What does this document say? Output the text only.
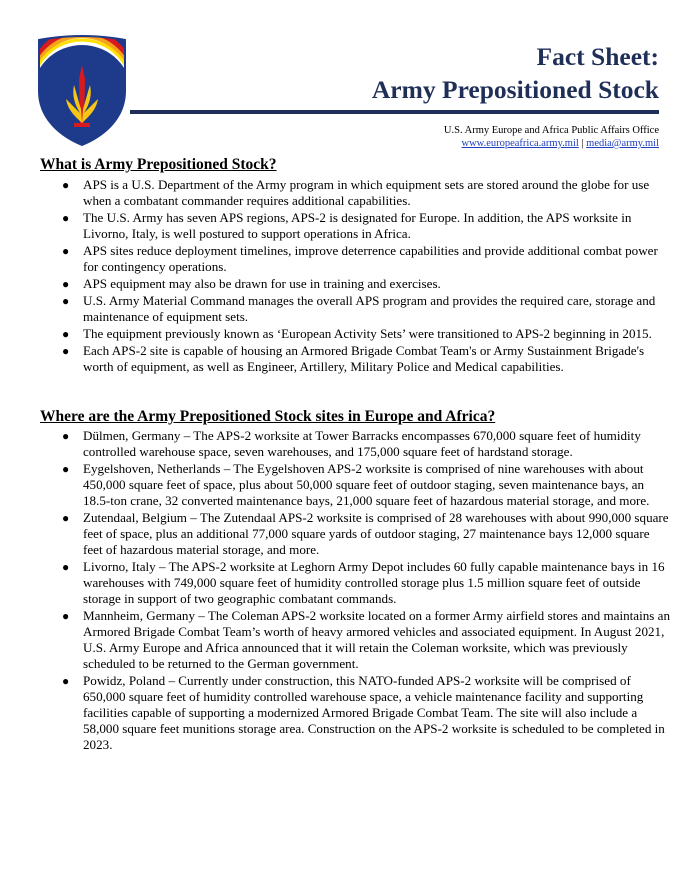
Fact Sheet:
Army Prepositioned Stock
U.S. Army Europe and Africa Public Affairs Office
www.europeafrica.army.mil | media@army.mil
What is Army Prepositioned Stock?
● APS is a U.S. Department of the Army program in which equipment sets are stored around the globe for use when a combatant commander requires additional capabilities.
● The U.S. Army has seven APS regions, APS-2 is designated for Europe. In addition, the APS worksite in Livorno, Italy, is well postured to support operations in Africa.
● APS sites reduce deployment timelines, improve deterrence capabilities and provide additional combat power for contingency operations.
● APS equipment may also be drawn for use in training and exercises.
● U.S. Army Material Command manages the overall APS program and provides the required care, storage and maintenance of equipment sets.
● The equipment previously known as ‘European Activity Sets’ were transitioned to APS-2 beginning in 2015.
● Each APS-2 site is capable of housing an Armored Brigade Combat Team's or Army Sustainment Brigade's worth of equipment, as well as Engineer, Artillery, Military Police and Medical capabilities.
Where are the Army Prepositioned Stock sites in Europe and Africa?
● Dülmen, Germany – The APS-2 worksite at Tower Barracks encompasses 670,000 square feet of humidity controlled warehouse space, seven warehouses, and 175,000 square feet of hardstand storage.
● Eygelshoven, Netherlands – The Eygelshoven APS-2 worksite is comprised of nine warehouses with about 450,000 square feet of space, plus about 50,000 square feet of outdoor staging, seven maintenance bays, an 18.5-ton crane, 32 converted maintenance bays, 21,000 square feet of hazardous material storage, and more.
● Zutendaal, Belgium – The Zutendaal APS-2 worksite is comprised of 28 warehouses with about 990,000 square feet of space, plus an additional 77,000 square yards of outdoor staging, 27 maintenance bays 12,000 square feet of hazardous material storage, and more.
● Livorno, Italy – The APS-2 worksite at Leghorn Army Depot includes 60 fully capable maintenance bays in 16 warehouses with 749,000 square feet of humidity controlled storage plus 1.5 million square feet of outside storage in support of two geographic combatant commands.
● Mannheim, Germany – The Coleman APS-2 worksite located on a former Army airfield stores and maintains an Armored Brigade Combat Team’s worth of heavy armored vehicles and associated equipment. In August 2021, U.S. Army Europe and Africa announced that it will retain the Coleman worksite, which was previously scheduled to be returned to the German government.
● Powidz, Poland – Currently under construction, this NATO-funded APS-2 worksite will be comprised of 650,000 square feet of humidity controlled warehouse space, a vehicle maintenance facility and supporting facilities capable of supporting a modernized Armored Brigade Combat Team. The site will also include a 58,000 square feet munitions storage area. Construction on the APS-2 worksite is scheduled to be completed in 2023.
